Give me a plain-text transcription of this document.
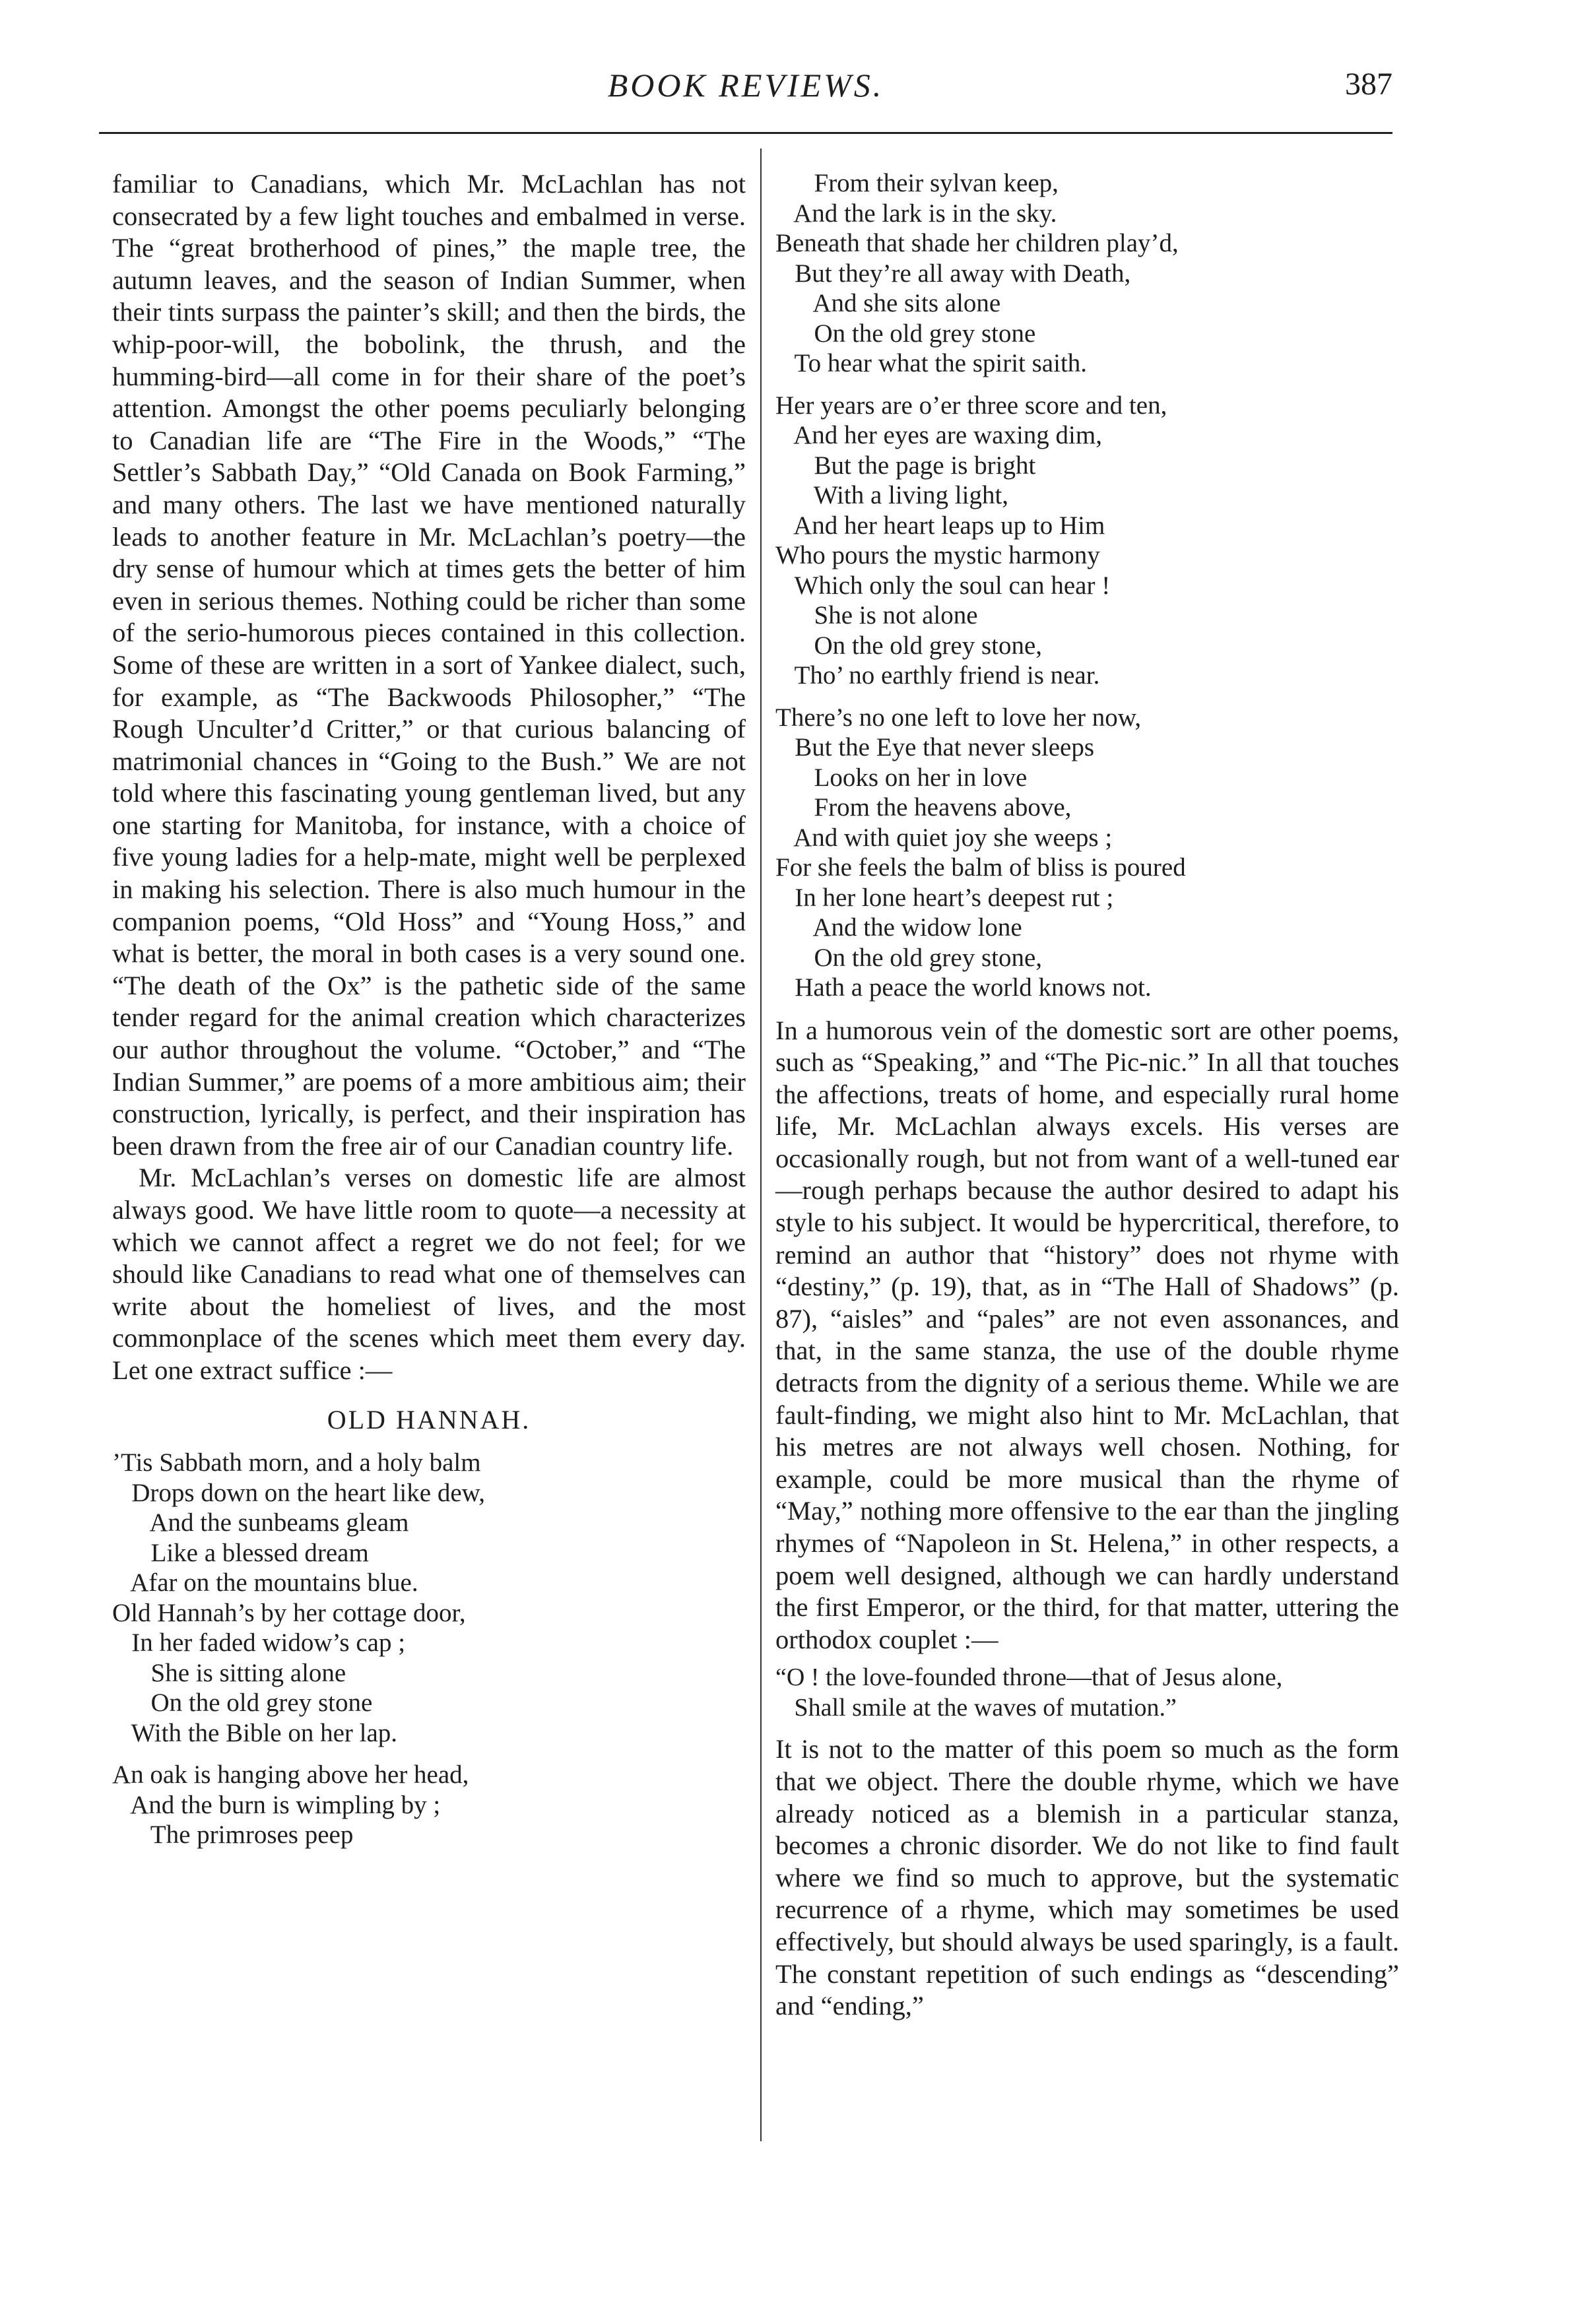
BOOK REVIEWS.	387

familiar to Canadians, which Mr. McLachlan has not consecrated by a few light touches and embalmed in verse. The “great brotherhood of pines,” the maple tree, the autumn leaves, and the season of Indian Summer, when their tints surpass the painter’s skill; and then the birds, the whip-poor-will, the bobolink, the thrush, and the humming-bird—all come in for their share of the poet’s attention. Amongst the other poems peculiarly belonging to Canadian life are “The Fire in the Woods,” “The Settler’s Sabbath Day,” “Old Canada on Book Farming,” and many others. The last we have mentioned naturally leads to another feature in Mr. McLachlan’s poetry—the dry sense of humour which at times gets the better of him even in serious themes. Nothing could be richer than some of the serio-humorous pieces contained in this collection. Some of these are written in a sort of Yankee dialect, such, for example, as “The Backwoods Philosopher,” “The Rough Unculter’d Critter,” or that curious balancing of matrimonial chances in “Going to the Bush.” We are not told where this fascinating young gentleman lived, but any one starting for Manitoba, for instance, with a choice of five young ladies for a help-mate, might well be perplexed in making his selection. There is also much humour in the companion poems, “Old Hoss” and “Young Hoss,” and what is better, the moral in both cases is a very sound one. “The death of the Ox” is the pathetic side of the same tender regard for the animal creation which characterizes our author throughout the volume. “October,” and “The Indian Summer,” are poems of a more ambitious aim; their construction, lyrically, is perfect, and their inspiration has been drawn from the free air of our Canadian country life.

Mr. McLachlan’s verses on domestic life are almost always good. We have little room to quote—a necessity at which we cannot affect a regret we do not feel; for we should like Canadians to read what one of themselves can write about the homeliest of lives, and the most commonplace of the scenes which meet them every day. Let one extract suffice :—

OLD HANNAH.
’Tis Sabbath morn, and a holy balm
Drops down on the heart like dew,
And the sunbeams gleam
Like a blessed dream
Afar on the mountains blue.
Old Hannah’s by her cottage door,
In her faded widow’s cap ;
She is sitting alone
On the old grey stone
With the Bible on her lap.
An oak is hanging above her head,
And the burn is wimpling by ;
The primroses peep
From their sylvan keep,
And the lark is in the sky.
Beneath that shade her children play’d,
But they’re all away with Death,
And she sits alone
On the old grey stone
To hear what the spirit saith.
Her years are o’er three score and ten,
And her eyes are waxing dim,
But the page is bright
With a living light,
And her heart leaps up to Him
Who pours the mystic harmony
Which only the soul can hear !
She is not alone
On the old grey stone,
Tho’ no earthly friend is near.
There’s no one left to love her now,
But the Eye that never sleeps
Looks on her in love
From the heavens above,
And with quiet joy she weeps ;
For she feels the balm of bliss is poured
In her lone heart’s deepest rut ;
And the widow lone
On the old grey stone,
Hath a peace the world knows not.

In a humorous vein of the domestic sort are other poems, such as “Speaking,” and “The Pic-nic.” In all that touches the affections, treats of home, and especially rural home life, Mr. McLachlan always excels. His verses are occasionally rough, but not from want of a well-tuned ear—rough perhaps because the author desired to adapt his style to his subject. It would be hypercritical, therefore, to remind an author that “history” does not rhyme with “destiny,” (p. 19), that, as in “The Hall of Shadows” (p. 87), “aisles” and “pales” are not even assonances, and that, in the same stanza, the use of the double rhyme detracts from the dignity of a serious theme. While we are fault-finding, we might also hint to Mr. McLachlan, that his metres are not always well chosen. Nothing, for example, could be more musical than the rhyme of “May,” nothing more offensive to the ear than the jingling rhymes of “Napoleon in St. Helena,” in other respects, a poem well designed, although we can hardly understand the first Emperor, or the third, for that matter, uttering the orthodox couplet :—

“O ! the love-founded throne—that of Jesus alone,
Shall smile at the waves of mutation.”

It is not to the matter of this poem so much as the form that we object. There the double rhyme, which we have already noticed as a blemish in a particular stanza, becomes a chronic disorder. We do not like to find fault where we find so much to approve, but the systematic recurrence of a rhyme, which may sometimes be used effectively, but should always be used sparingly, is a fault. The constant repetition of such endings as “descending” and “ending,”
